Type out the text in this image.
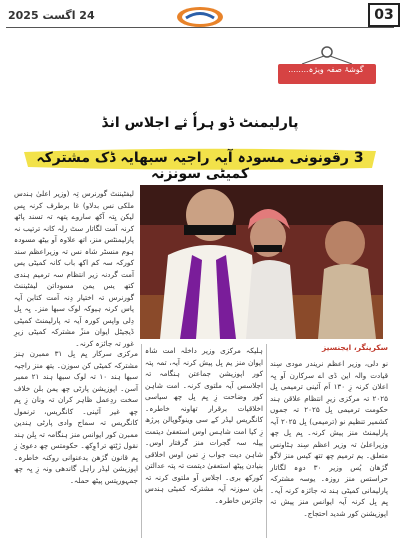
03
24 اگست 2025
گوشۂ صفہ ویژہ........
پارلیمنٹ ڈو ہراٗ ثے اجلاس انڈ
3 رقونونی مسودہ آیہ راجیہ سبھایہ ڈک مشترکہ کمیٹی سونزنہ
لیفٹیننٹ گورنرس تِہ (وزیر اعلیٰ ہندس ملکی نس بدلاو) غا برطرف کرنہ یِس لیکن یِتہ آکھ ساروے یتھہ تہ تسند پاٹھ کرنہ آمت لگاتار سٹ رلہ کانہ ترتیب نہ پارلیمنٹس منز، اتھ علاوہ آو بیٹھ مسودہ ہوم منسٹر شاہ نس تہ وزیراعظم سند کورکہ سہ کم اکھ باب کانہ کمیٹی یس آمت گردنہ زیر انتظام سہ ترمیم ہندی کتھ یس یمن مسوداتن لیفٹیننٹ گورنرس تہ اختیار دِنہ آمت کتابن آیہ پاس کرنہ ہیوکہ لوک سبھا منز۔ یِہ بِل دِلی واپس کورہ آیہ تہ پارلیمنٹ کمیٹی ڈیجیٹل ایوان منزٗ مشترکہ کمیٹی زیرِ غور تہ جائزہ کرنہ۔	سکرینگر، ایجنسیز
نو دلی، وزیر اعظم نریندر مودی سِند قیادت والہ این ڈی اے سرکارن آو یِہ اعلان کرنہ زِ ۱۳۰ اَم آئینی ترمیمی بِل ۲۰۲۵ تہ مرکزی زیرِ انتظام علاقن ہند حکومت ترمیمی بِل ۲۰۲۵ تہ جموں کشمیر تنظیم نو (ترمیمی) بِل ۲۰۲۵ آیہ پارلیمنٹ منز پیش کرنہ۔ یِم بِل چھ وزیراعلیٰ تہ وزیر اعظم سِند ہٹاونس متعلق۔ یم ترمیم چھ تتھ کیس منز لاگو گژھان یُس وزیر ۳۰ دۄہ لگاتار حراستس منز روزہ۔ یوسہ مشترکہ پارلیمانی کمیٹی ہند تہ جائزہ کرنہ آیہ۔ یِم بِل کرنہ آیہ ایوانس منز پیش تہ اپوزیشنن کور شدید احتجاج۔
ہلیکہ مرکزی وزیر داخلہ امت شاہ ایوان منز یم بِل پیش کرنہ آیہ، تمہ پتہ کور اپوزیشن جماعتن ہنگامہ تہ اجلاسس آیہ ملتوی کرنہ۔ امت شاہن کور وضاحت زِ یِم بِل چھ سیاسی اخلاقیات برقرار تھاونہ خاطرہ۔ کانگریس لیڈر کے سی وینوگوپالن پرژھ زِ کیا امت شاہس اوس استعفیٰ دیتمت ییلہ سہ گجرات منز گرفتار اوس۔ شاہن دیت جواب زِ تمن اوس اخلاقی بنیادن پیٹھ استعفیٰ دیتمت تہ پتہ عدالتن کورکھ بری۔ اجلاس آو ملتوی کرنہ تہ بلن سوزنہ آیہ مشترکہ کمیٹی ہندس جائزس خاطرہ۔
مرکزی سرکار یِم بِل ۳۱ ممبرن ہنز مشترکہ کمیٹی کن سوزن۔ یتھ منز راجیہ سبھا ہند ۱۰ تہ لوک سبھا ہند ۲۱ ممبر آسن۔ اپوزیشن پارٹی چھ یمن بلن خلاف سخت ردِعمل ظاہر کران تہ ونان زِ یِم چھ غیر آئینی۔ کانگریس، ترنمول کانگریس تہ سماج وادی پارٹی ہندین ممبرن کور ایوانس منز ہنگامہ تہ بِلن ہند نقول ژٹِتھ ترٲوِکھ۔ حکومتس چھ دعویٰ زِ یِم قانون گژھن بدعنوانی روکنہ خاطرہ۔ اپوزیشن لیڈر راہل گاندھی ونہ زِ یِہ چھ جمہوریتس پیٹھ حملہ۔
